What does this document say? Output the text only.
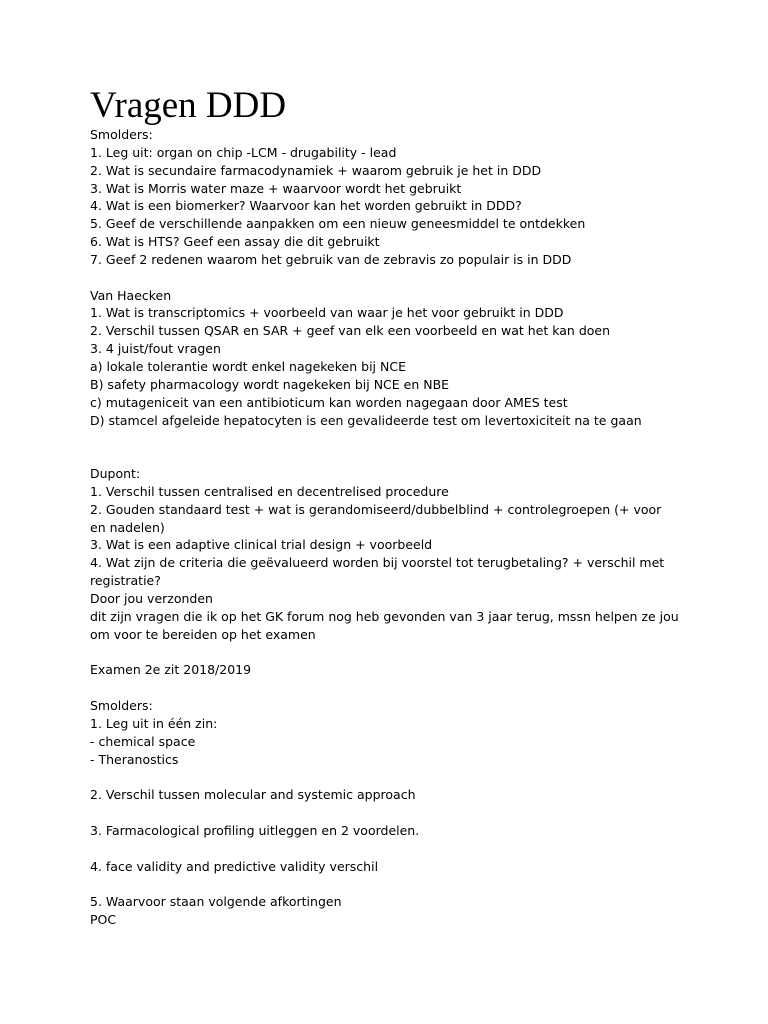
Vragen DDD
Smolders:
1. Leg uit: organ on chip -LCM - drugability - lead
2. Wat is secundaire farmacodynamiek + waarom gebruik je het in DDD
3. Wat is Morris water maze + waarvoor wordt het gebruikt
4. Wat is een biomerker? Waarvoor kan het worden gebruikt in DDD?
5. Geef de verschillende aanpakken om een nieuw geneesmiddel te ontdekken
6. Wat is HTS? Geef een assay die dit gebruikt
7. Geef 2 redenen waarom het gebruik van de zebravis zo populair is in DDD
Van Haecken
1. Wat is transcriptomics + voorbeeld van waar je het voor gebruikt in DDD
2. Verschil tussen QSAR en SAR + geef van elk een voorbeeld en wat het kan doen
3. 4 juist/fout vragen
a) lokale tolerantie wordt enkel nagekeken bij NCE
B) safety pharmacology wordt nagekeken bij NCE en NBE
c) mutageniceit van een antibioticum kan worden nagegaan door AMES test
D) stamcel afgeleide hepatocyten is een gevalideerde test om levertoxiciteit na te gaan
Dupont:
1. Verschil tussen centralised en decentrelised procedure
2. Gouden standaard test + wat is gerandomiseerd/dubbelblind + controlegroepen (+ voor
en nadelen)
3. Wat is een adaptive clinical trial design + voorbeeld
4. Wat zijn de criteria die geëvalueerd worden bij voorstel tot terugbetaling? + verschil met
registratie?
Door jou verzonden
dit zijn vragen die ik op het GK forum nog heb gevonden van 3 jaar terug, mssn helpen ze jou
om voor te bereiden op het examen
Examen 2e zit 2018/2019
Smolders:
1. Leg uit in één zin:
- chemical space
- Theranostics
2. Verschil tussen molecular and systemic approach
3. Farmacological profiling uitleggen en 2 voordelen.
4. face validity and predictive validity verschil
5. Waarvoor staan volgende afkortingen
POC
